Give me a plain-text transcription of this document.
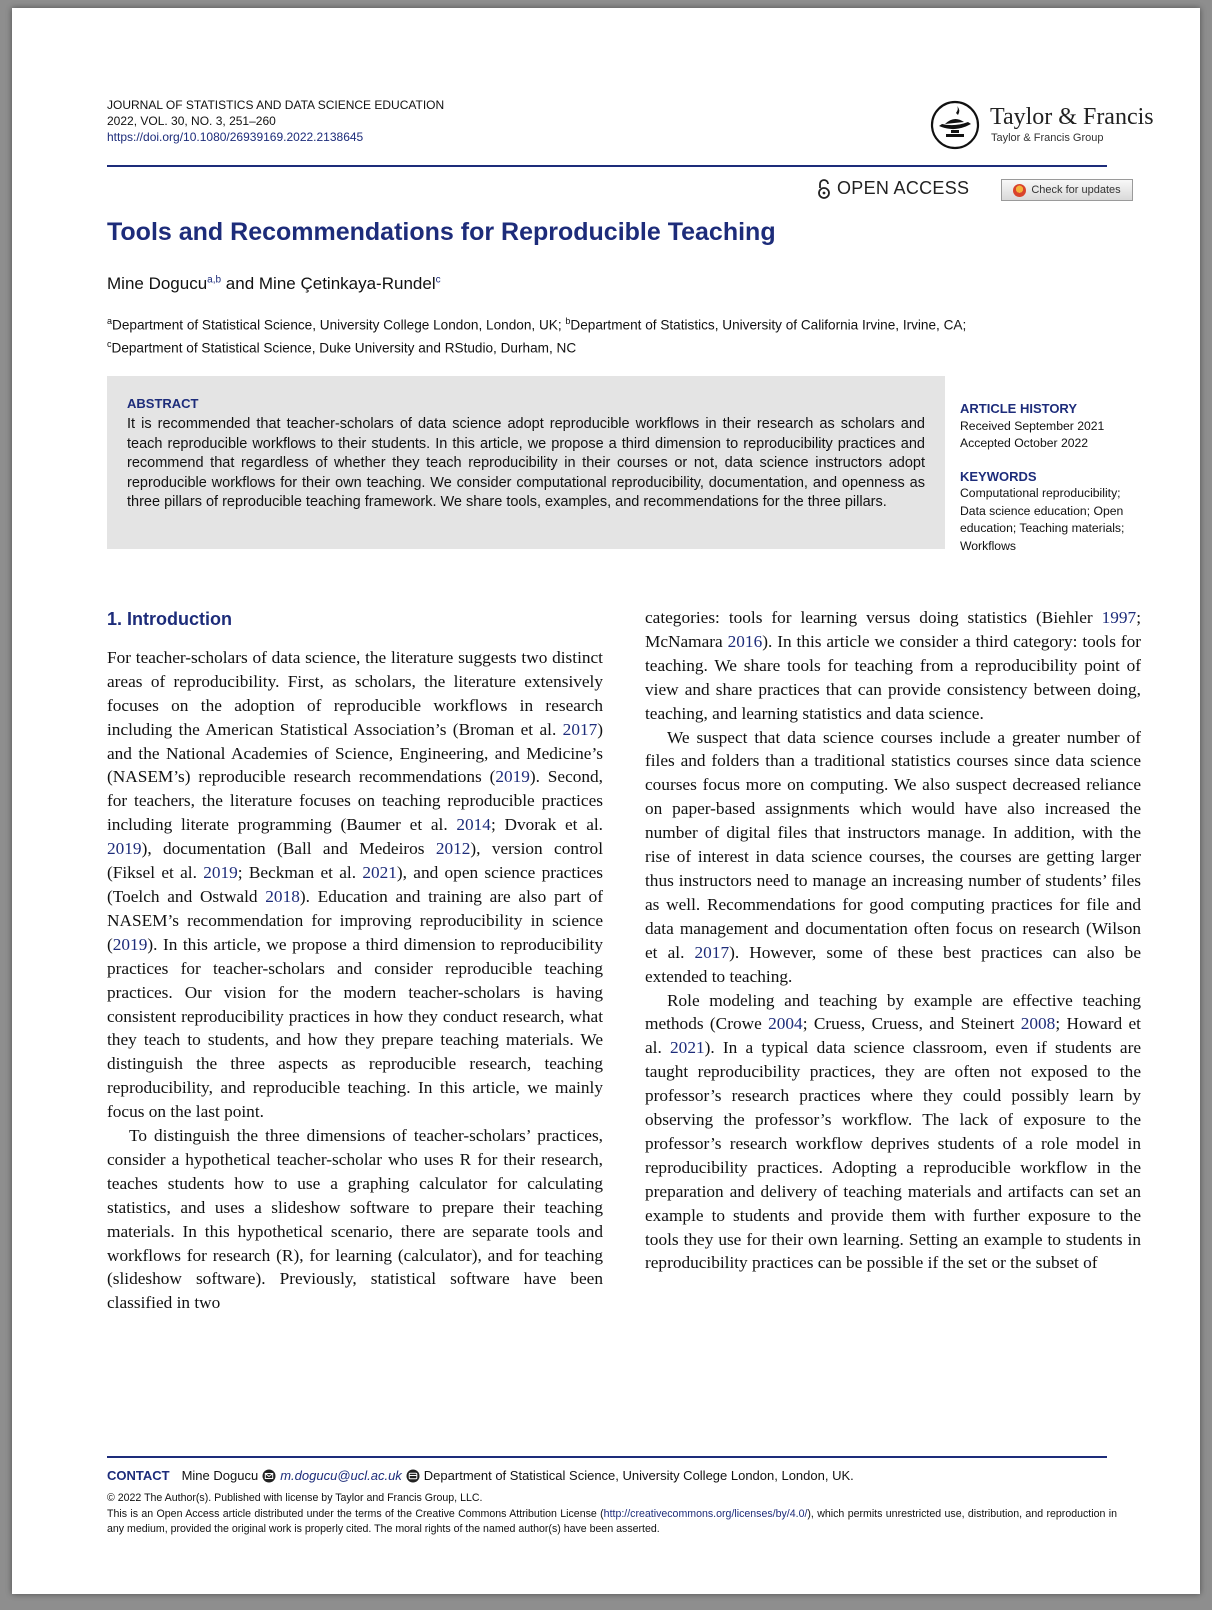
JOURNAL OF STATISTICS AND DATA SCIENCE EDUCATION
2022, VOL. 30, NO. 3, 251–260
https://doi.org/10.1080/26939169.2022.2138645
Taylor & Francis
Taylor & Francis Group
OPEN ACCESS	Check for updates
Tools and Recommendations for Reproducible Teaching
Mine Dogucu$^{a,b}$ and Mine Çetinkaya-Rundel$^c$
$^a$Department of Statistical Science, University College London, London, UK; $^b$Department of Statistics, University of California Irvine, Irvine, CA;
$^c$Department of Statistical Science, Duke University and RStudio, Durham, NC
ABSTRACT

It is recommended that teacher-scholars of data science adopt reproducible workflows in their research as scholars and teach reproducible workflows to their students. In this article, we propose a third dimension to reproducibility practices and recommend that regardless of whether they teach reproducibility in their courses or not, data science instructors adopt reproducible workflows for their own teaching. We consider computational reproducibility, documentation, and openness as three pillars of reproducible teaching framework. We share tools, examples, and recommendations for the three pillars.

ARTICLE HISTORY
Received September 2021
Accepted October 2022
KEYWORDS
Computational reproducibility; Data science education; Open education; Teaching materials; Workflows
1. Introduction

For teacher-scholars of data science, the literature suggests two distinct areas of reproducibility. First, as scholars, the literature extensively focuses on the adoption of reproducible workflows in research including the American Statistical Association’s (Broman et al. 2017) and the National Academies of Science, Engineering, and Medicine’s (NASEM’s) reproducible research recommendations (2019). Second, for teachers, the literature focuses on teaching reproducible practices including literate programming (Baumer et al. 2014; Dvorak et al. 2019), documentation (Ball and Medeiros 2012), version control (Fiksel et al. 2019; Beckman et al. 2021), and open science practices (Toelch and Ostwald 2018). Education and training are also part of NASEM’s recommendation for improving reproducibility in science (2019). In this article, we propose a third dimension to reproducibility practices for teacher-scholars and consider reproducible teaching practices. Our vision for the modern teacher-scholars is having consistent reproducibility practices in how they conduct research, what they teach to students, and how they prepare teaching materials. We distinguish the three aspects as reproducible research, teaching reproducibility, and reproducible teaching. In this article, we mainly focus on the last point.

To distinguish the three dimensions of teacher-scholars’ practices, consider a hypothetical teacher-scholar who uses R for their research, teaches students how to use a graphing calculator for calculating statistics, and uses a slideshow software to prepare their teaching materials. In this hypothetical scenario, there are separate tools and workflows for research (R), for learning (calculator), and for teaching (slideshow software). Previously, statistical software have been classified in two

categories: tools for learning versus doing statistics (Biehler 1997; McNamara 2016). In this article we consider a third category: tools for teaching. We share tools for teaching from a reproducibility point of view and share practices that can provide consistency between doing, teaching, and learning statistics and data science.

We suspect that data science courses include a greater number of files and folders than a traditional statistics courses since data science courses focus more on computing. We also suspect decreased reliance on paper-based assignments which would have also increased the number of digital files that instructors manage. In addition, with the rise of interest in data science courses, the courses are getting larger thus instructors need to manage an increasing number of students’ files as well. Recommendations for good computing practices for file and data management and documentation often focus on research (Wilson et al. 2017). However, some of these best practices can also be extended to teaching.

Role modeling and teaching by example are effective teaching methods (Crowe 2004; Cruess, Cruess, and Steinert 2008; Howard et al. 2021). In a typical data science classroom, even if students are taught reproducibility practices, they are often not exposed to the professor’s research practices where they could possibly learn by observing the professor’s workflow. The lack of exposure to the professor’s research workflow deprives students of a role model in reproducibility practices. Adopting a reproducible workflow in the preparation and delivery of teaching materials and artifacts can set an example to students and provide them with further exposure to the tools they use for their own learning. Setting an example to students in reproducibility practices can be possible if the set or the subset of

CONTACT Mine Dogucu m.dogucu@ucl.ac.uk Department of Statistical Science, University College London, London, UK.
© 2022 The Author(s). Published with license by Taylor and Francis Group, LLC.
This is an Open Access article distributed under the terms of the Creative Commons Attribution License (http://creativecommons.org/licenses/by/4.0/), which permits unrestricted use, distribution, and reproduction in any medium, provided the original work is properly cited. The moral rights of the named author(s) have been asserted.
